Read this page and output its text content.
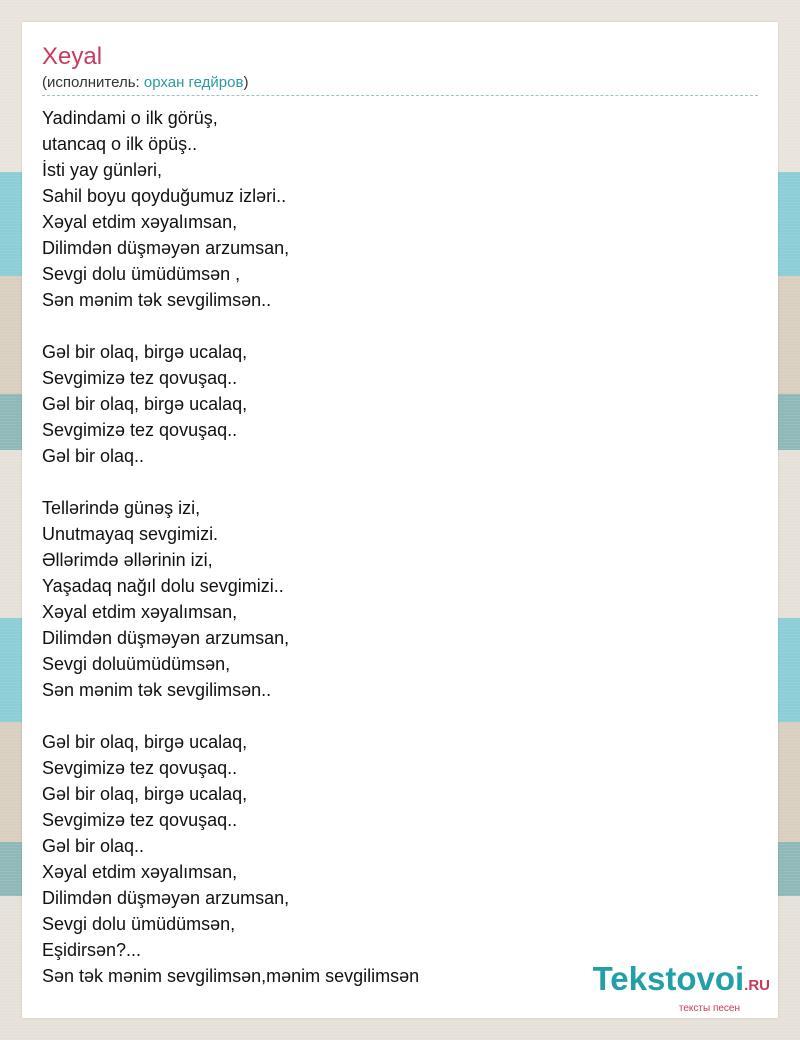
Xeyal
(исполнитель: орхан гедйров)
Yadindami o ilk görüş,
utancaq o ilk öpüş..
İsti yay günləri,
Sahil boyu qoyduğumuz izləri..
Xəyal etdim xəyalımsan,
Dilimdən düşməyən arzumsan,
Sevgi dolu ümüdümsən ,
Sən mənim tək sevgilimsən..
Gəl bir olaq, birgə ucalaq,
Sevgimizə tez qovuşaq..
Gəl bir olaq, birgə ucalaq,
Sevgimizə tez qovuşaq..
Gəl bir olaq..
Tellərində günəş izi,
Unutmayaq sevgimizi.
Əllərimdə əllərinin izi,
Yaşadaq nağıl dolu sevgimizi..
Xəyal etdim xəyalımsan,
Dilimdən düşməyən arzumsan,
Sevgi doluümüdümsən,
Sən mənim tək sevgilimsən..
Gəl bir olaq, birgə ucalaq,
Sevgimizə tez qovuşaq..
Gəl bir olaq, birgə ucalaq,
Sevgimizə tez qovuşaq..
Gəl bir olaq..
Xəyal etdim xəyalımsan,
Dilimdən düşməyən arzumsan,
Sevgi dolu ümüdümsən,
Eşidirsən?...
Sən tək mənim sevgilimsən,mənim sevgilimsən	Tekstovoi.RU
тексты песен
